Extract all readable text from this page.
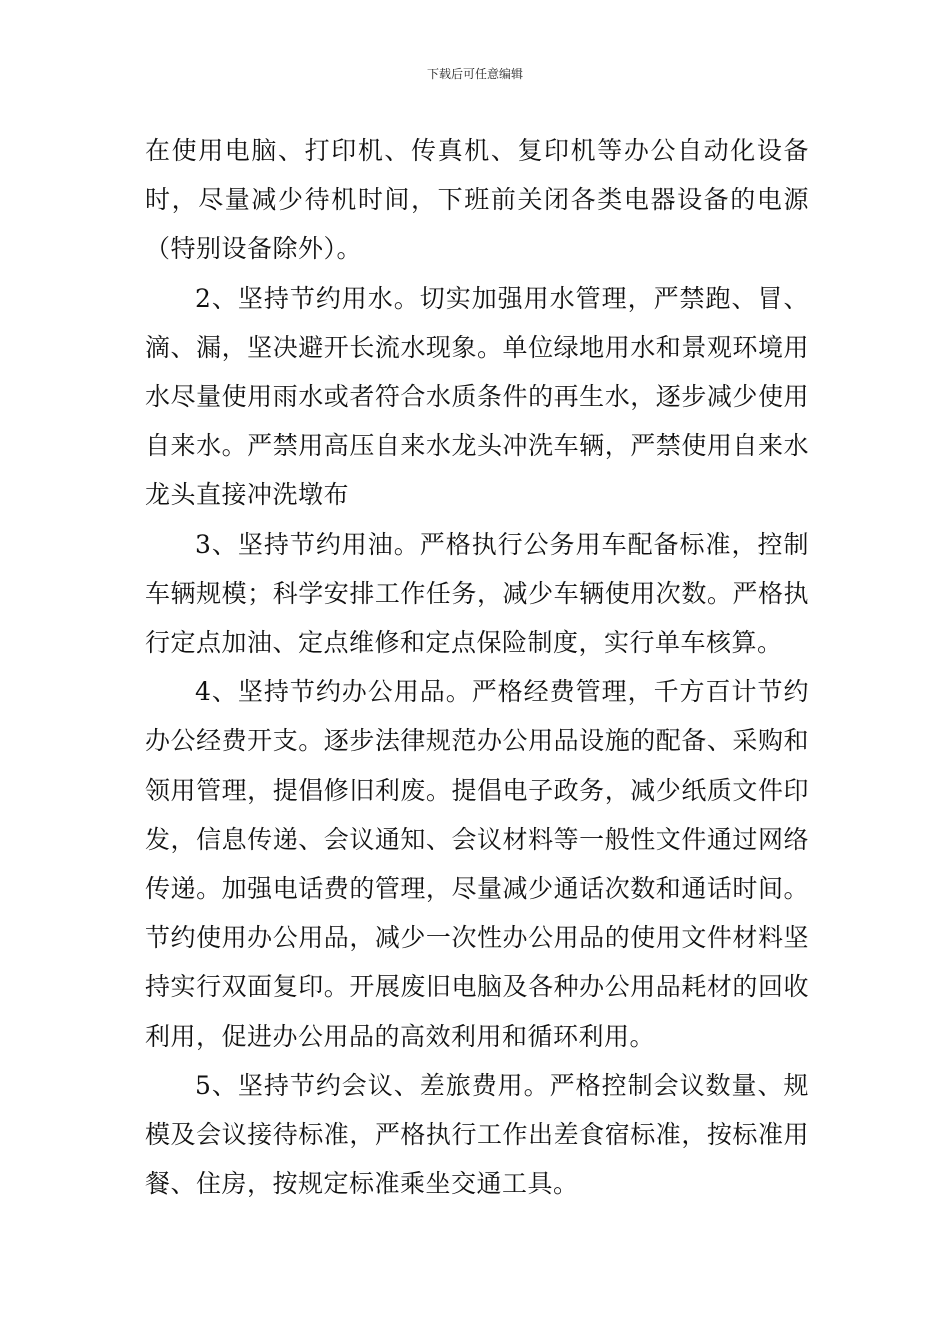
下载后可任意编辑

在使用电脑、打印机、传真机、复印机等办公自动化设备时，尽量减少待机时间，下班前关闭各类电器设备的电源（特别设备除外）。

2、坚持节约用水。切实加强用水管理，严禁跑、冒、滴、漏，坚决避开长流水现象。单位绿地用水和景观环境用水尽量使用雨水或者符合水质条件的再生水，逐步减少使用自来水。严禁用高压自来水龙头冲洗车辆，严禁使用自来水龙头直接冲洗墩布

3、坚持节约用油。严格执行公务用车配备标准，控制车辆规模；科学安排工作任务，减少车辆使用次数。严格执行定点加油、定点维修和定点保险制度，实行单车核算。

4、坚持节约办公用品。严格经费管理，千方百计节约办公经费开支。逐步法律规范办公用品设施的配备、采购和领用管理，提倡修旧利废。提倡电子政务，减少纸质文件印发，信息传递、会议通知、会议材料等一般性文件通过网络传递。加强电话费的管理，尽量减少通话次数和通话时间。节约使用办公用品，减少一次性办公用品的使用文件材料坚持实行双面复印。开展废旧电脑及各种办公用品耗材的回收利用，促进办公用品的高效利用和循环利用。

5、坚持节约会议、差旅费用。严格控制会议数量、规模及会议接待标准，严格执行工作出差食宿标准，按标准用餐、住房，按规定标准乘坐交通工具。
